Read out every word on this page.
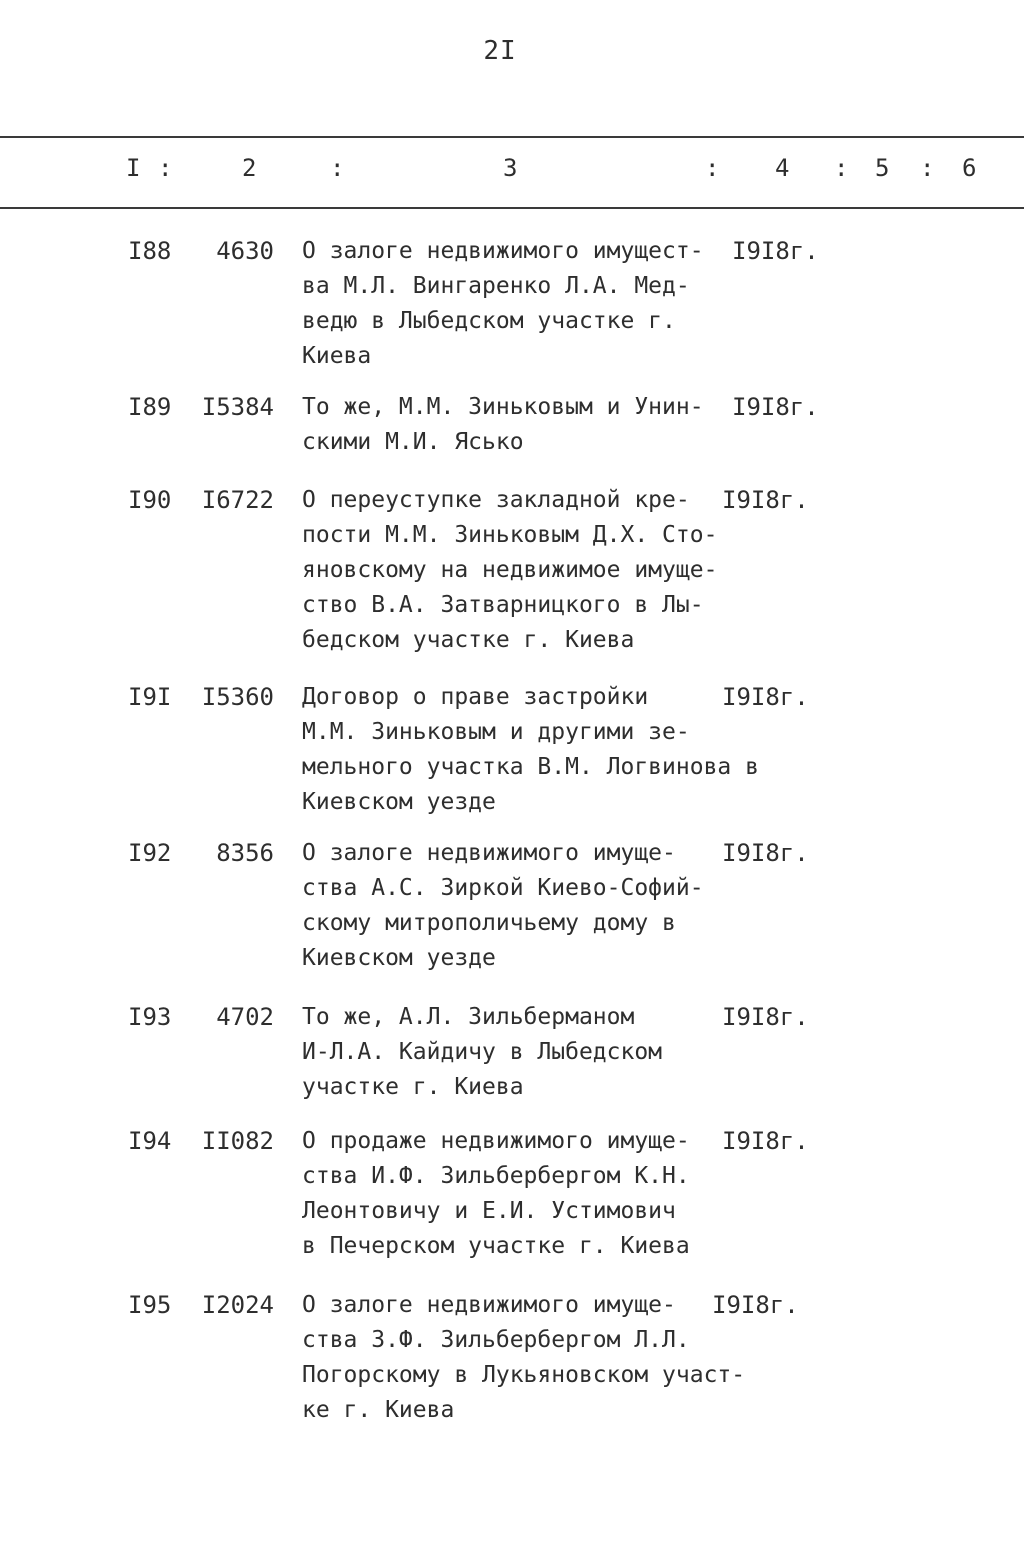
2I
I :	2	:	3	: 4 : 5 : 6
I88	4630 О залоге недвижимого имущест-
ва М.Л. Вингаренко Л.А. Мед-
ведю в Лыбедском участке г.
Киева
I9I8г.
I89	I5384 То же, М.М. Зиньковым и Унин-
скими М.И. Ясько
I9I8г.
I90	I6722 О переуступке закладной кре-
пости М.М. Зиньковым Д.Х. Сто-
яновскому на недвижимое имуще-
ство В.А. Затварницкого в Лы-
бедском участке г. Киева
I9I8г.
I9I	I5360 Договор о праве застройки
М.М. Зиньковым и другими зе-
мельного участка В.М. Логвинова в
Киевском уезде
I9I8г.
I92	8356 О залоге недвижимого имуще-
ства А.С. Зиркой Киево-Софий-
скому митрополичьему дому в
Киевском уезде
I9I8г.
I93	4702 То же, А.Л. Зильберманом
И-Л.А. Кайдичу в Лыбедском
участке г. Киева
I9I8г.
I94	II082 О продаже недвижимого имуще-
ства И.Ф. Зильбербергом К.Н.
Леонтовичу и Е.И. Устимович
в Печерском участке г. Киева
I9I8г.
I95	I2024 О залоге недвижимого имуще-
ства З.Ф. Зильбербергом Л.Л.
Погорскому в Лукьяновском участ-
ке г. Киева
I9I8г.
